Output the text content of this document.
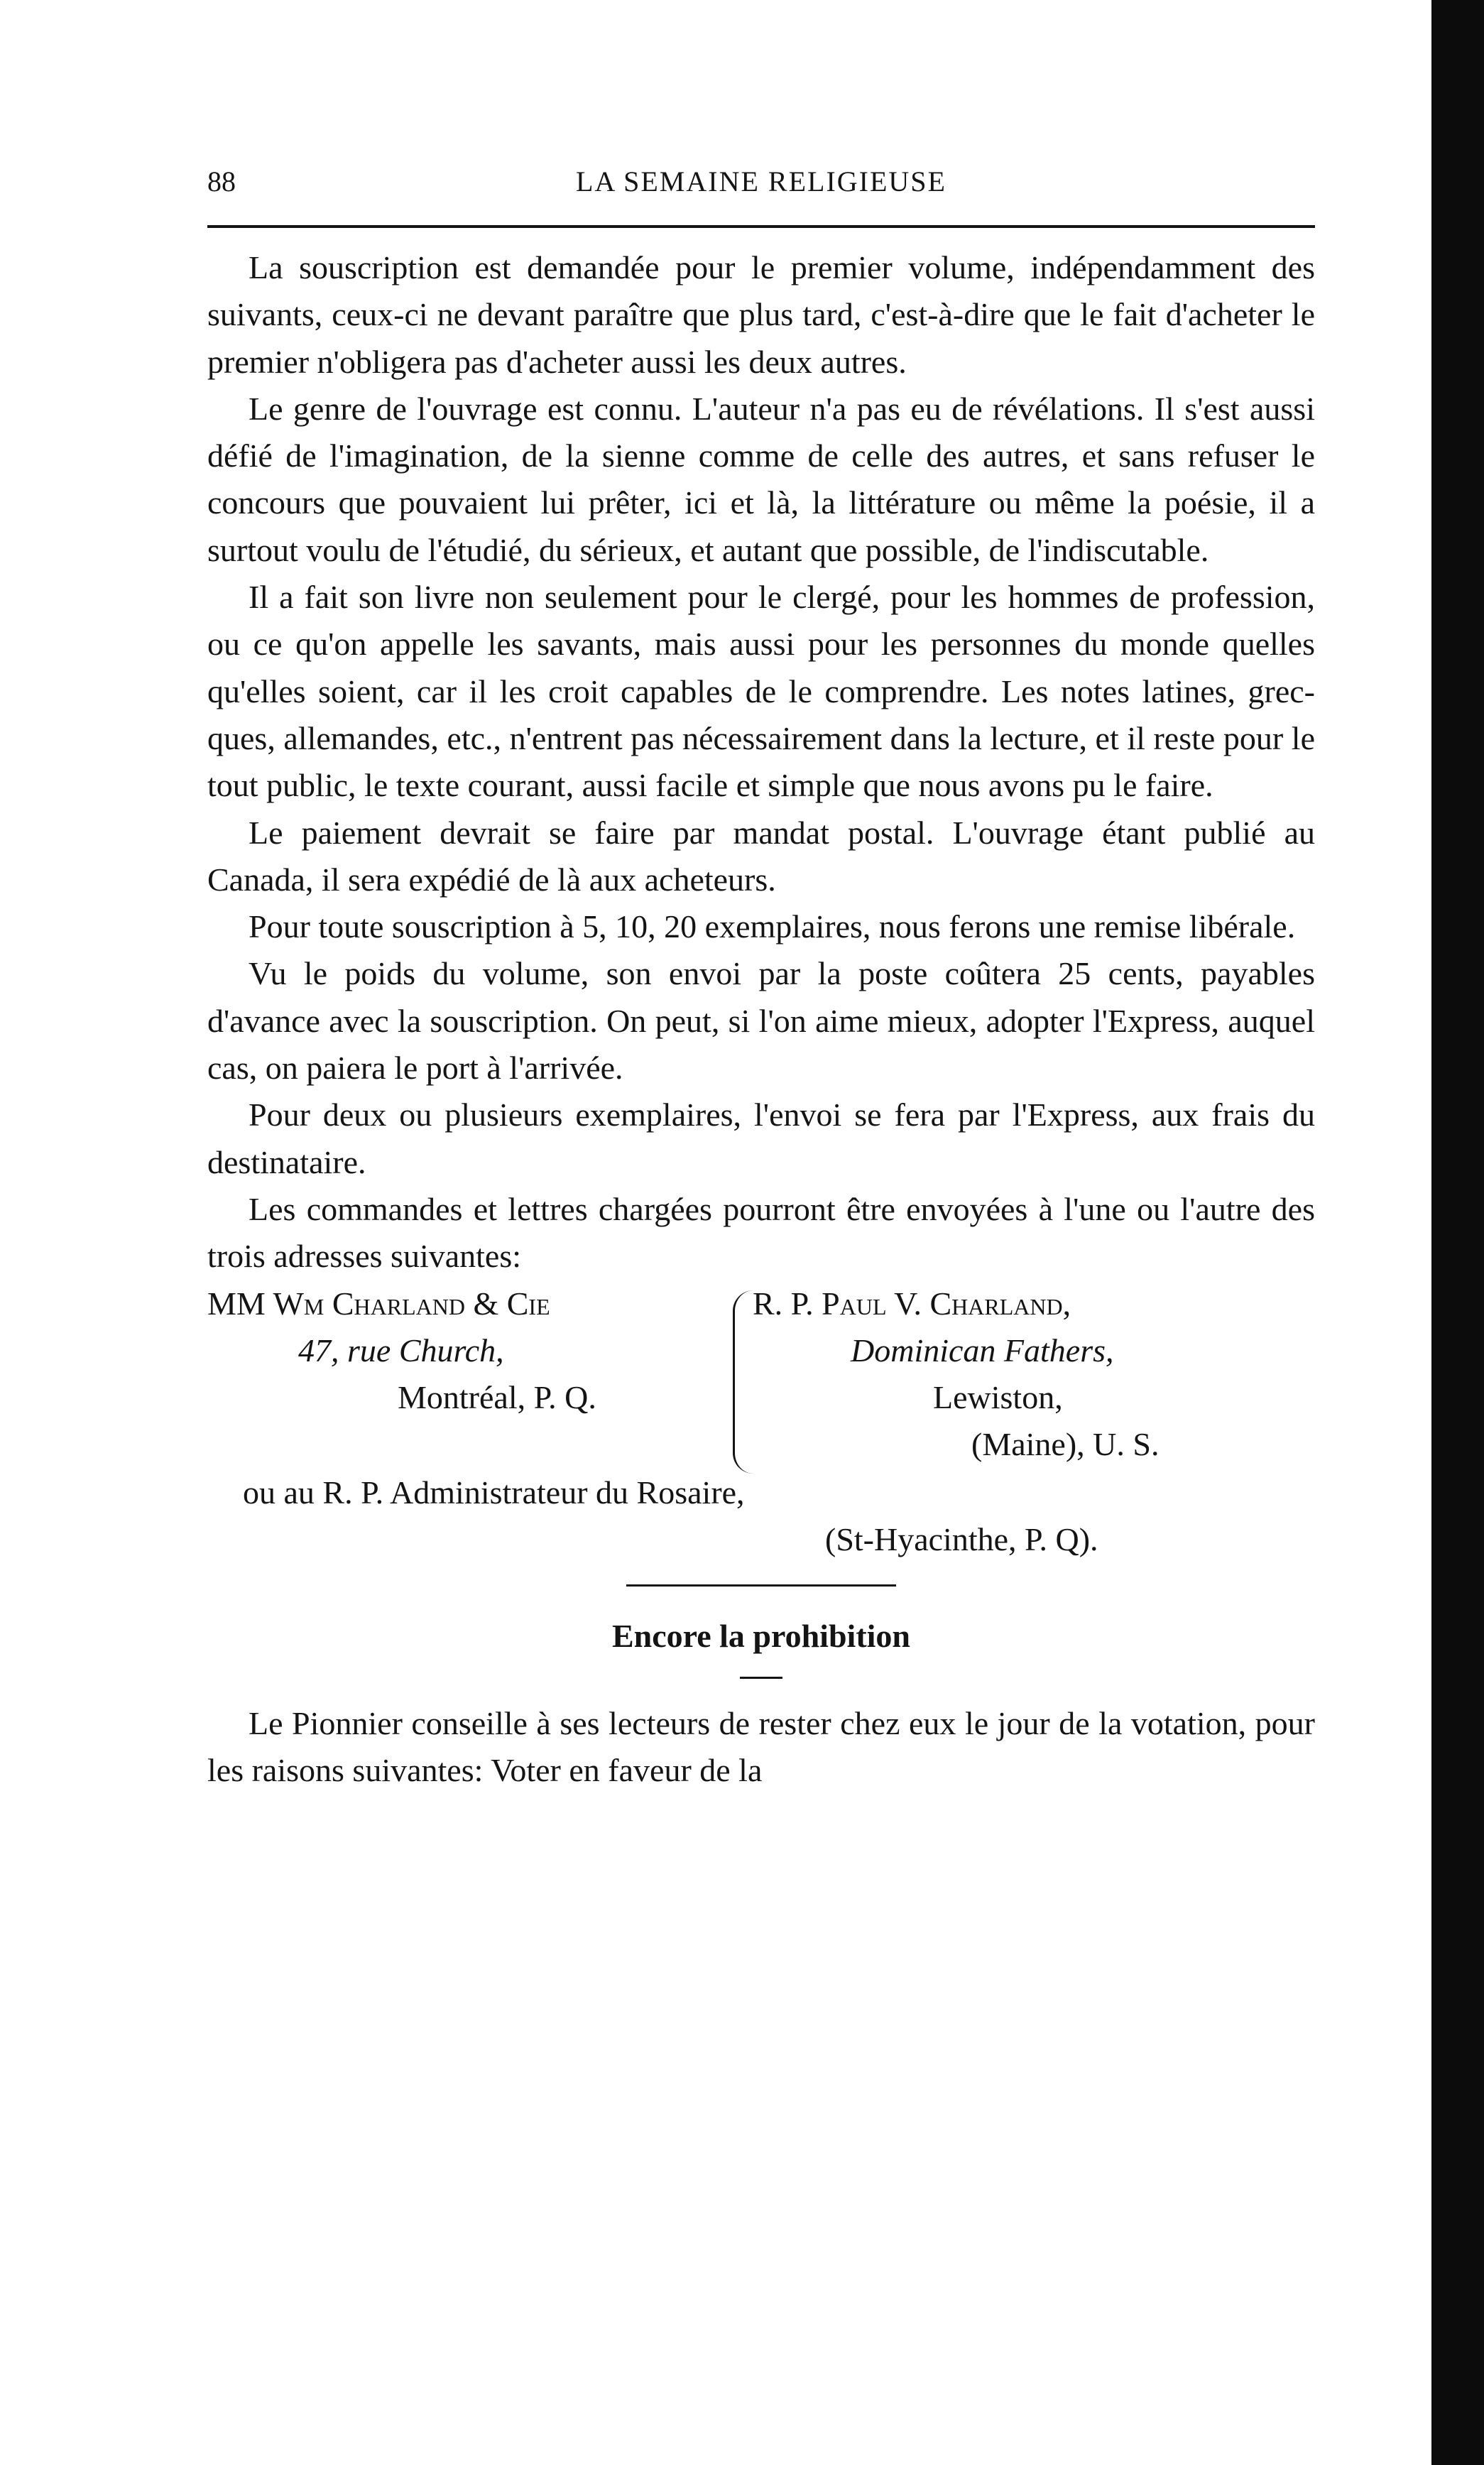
88	LA SEMAINE RELIGIEUSE

La souscription est demandée pour le premier volume, indépendamment des suivants, ceux-ci ne devant paraître que plus tard, c'est-à-dire que le fait d'acheter le premier n'obligera pas d'acheter aussi les deux autres.

Le genre de l'ouvrage est connu. L'auteur n'a pas eu de révélations. Il s'est aussi défié de l'imagination, de la sienne comme de celle des autres, et sans refuser le concours que pouvaient lui prêter, ici et là, la littérature ou même la poésie, il a surtout voulu de l'étudié, du sérieux, et autant que possible, de l'indiscutable.

Il a fait son livre non seulement pour le clergé, pour les hommes de profession, ou ce qu'on appelle les savants, mais aussi pour les personnes du monde quelles qu'elles soient, car il les croit capables de le comprendre. Les notes latines, grecques, allemandes, etc., n'entrent pas nécessairement dans la lecture, et il reste pour le tout public, le texte courant, aussi facile et simple que nous avons pu le faire.

Le paiement devrait se faire par mandat postal. L'ouvrage étant publié au Canada, il sera expédié de là aux acheteurs.

Pour toute souscription à 5, 10, 20 exemplaires, nous ferons une remise libérale.

Vu le poids du volume, son envoi par la poste coûtera 25 cents, payables d'avance avec la souscription. On peut, si l'on aime mieux, adopter l'Express, auquel cas, on paiera le port à l'arrivée.

Pour deux ou plusieurs exemplaires, l'envoi se fera par l'Express, aux frais du destinataire.

Les commandes et lettres chargées pourront être envoyées à l'une ou l'autre des trois adresses suivantes:

MM Wm Charland & Cie
47, rue Church,
Montréal, P. Q.
R. P. Paul V. Charland,
Dominican Fathers,
Lewiston,
(Maine), U. S.
ou au R. P. Administrateur du Rosaire,
(St-Hyacinthe, P. Q).
Encore la prohibition

Le Pionnier conseille à ses lecteurs de rester chez eux le jour de la votation, pour les raisons suivantes: Voter en faveur de la
